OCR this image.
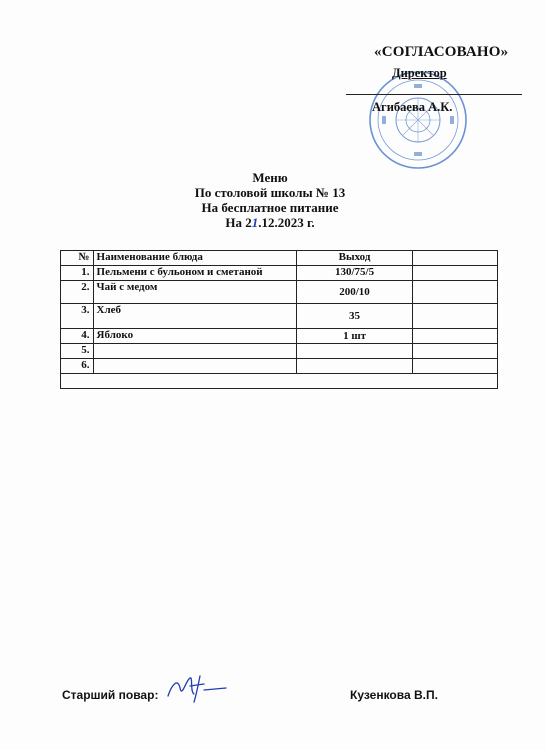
«СОГЛАСОВАНО»
Директор
Агибаева А.К.
Меню
По столовой школы № 13
На бесплатное питание
На 21.12.2023 г.
№	Наименование блюда	Выход	
1.	Пельмени с бульоном и сметаной	130/75/5	
2.	Чай с медом	200/10	
3.	Хлеб	35	
4.	Яблоко	1 шт	
5.			
6.			

Старший повар:	Кузенкова В.П.
